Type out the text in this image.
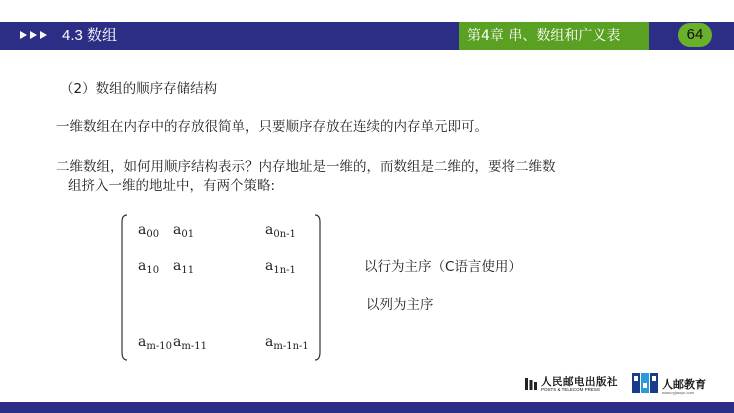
4.3 数组	第4章 串、数组和广义表	64
（2）数组的顺序存储结构
一维数组在内存中的存放很简单，只要顺序存放在连续的内存单元即可。
二维数组，如何用顺序结构表示？内存地址是一维的，而数组是二维的，要将二维数
组挤入一维的地址中，有两个策略:
$a_{00}$ $a_{01}$	$a_{0n-1}$
$a_{10}$ $a_{11}$	$a_{1n-1}$
$a_{m-10}$ $a_{m-11}$	$a_{m-1n-1}$
以行为主序（C语言使用）
以列为主序
人民邮电出版社
POSTS & TELECOM PRESS	人邮教育
www.ryjiaoyu.com
